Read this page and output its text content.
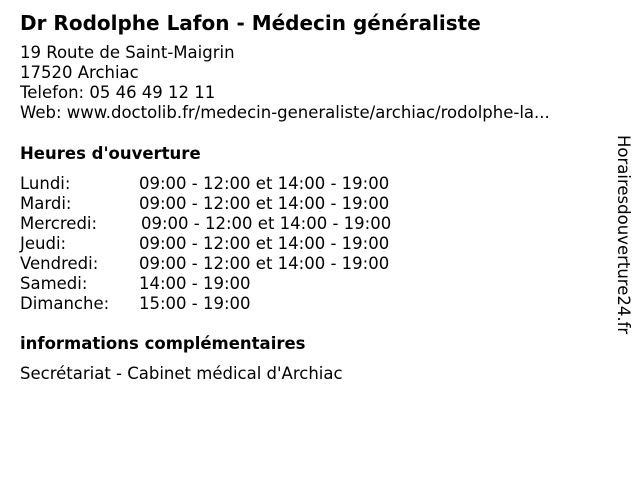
Dr Rodolphe Lafon - Médecin généraliste
19 Route de Saint-Maigrin
17520 Archiac
Telefon: 05 46 49 12 11
Web: www.doctolib.fr/medecin-generaliste/archiac/rodolphe-la...
Heures d'ouverture
Lundi:	09:00 - 12:00 et 14:00 - 19:00
Mardi:	09:00 - 12:00 et 14:00 - 19:00
Mercredi:	09:00 - 12:00 et 14:00 - 19:00
Jeudi:	09:00 - 12:00 et 14:00 - 19:00
Vendredi: 09:00 - 12:00 et 14:00 - 19:00
Samedi:	14:00 - 19:00
Dimanche: 15:00 - 19:00
informations complémentaires
Secrétariat - Cabinet médical d'Archiac
Horairesdouverture24.fr
